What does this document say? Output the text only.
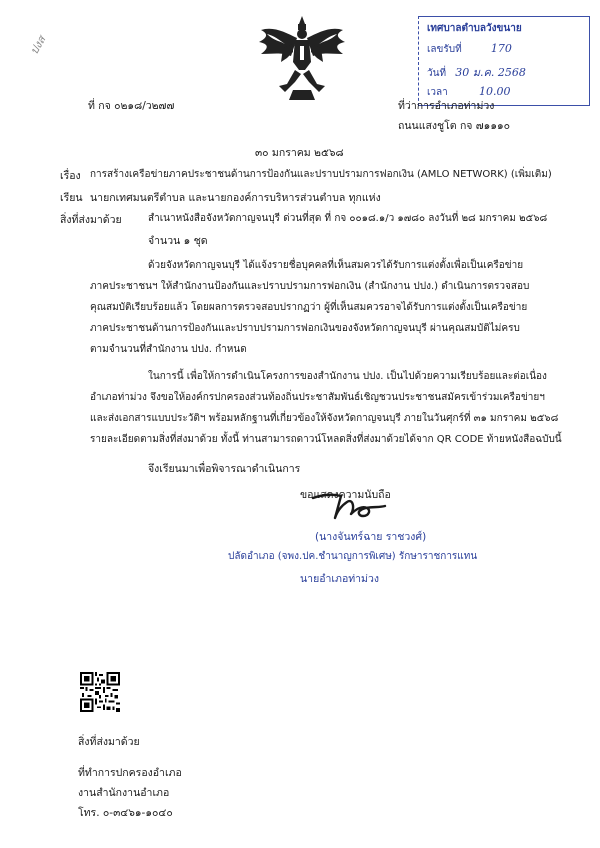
ปงส
เทศบาลตำบลวังขนาย
เลขรับที่	170
วันที่ 30 ม.ค. 2568
เวลา	10.00
ที่ กจ ๐๒๑๘/ว๒๗๗	ที่ว่าการอำเภอท่าม่วง
ถนนแสงชูโต กจ ๗๑๑๑๐
๓๐ มกราคม ๒๕๖๘
เรื่อง การสร้างเครือข่ายภาคประชาชนด้านการป้องกันและปราบปรามการฟอกเงิน (AMLO NETWORK) (เพิ่มเติม)
เรียน นายกเทศมนตรีตำบล และนายกองค์การบริหารส่วนตำบล ทุกแห่ง
สิ่งที่ส่งมาด้วย	สำเนาหนังสือจังหวัดกาญจนบุรี ด่วนที่สุด ที่ กจ ๐๐๑๘.๑/ว ๑๗๘๐ ลงวันที่ ๒๘ มกราคม ๒๕๖๘
จำนวน ๑ ชุด
ด้วยจังหวัดกาญจนบุรี ได้แจ้งรายชื่อบุคคลที่เห็นสมควรได้รับการแต่งตั้งเพื่อเป็นเครือข่าย
ภาคประชาชนฯ ให้สำนักงานป้องกันและปราบปรามการฟอกเงิน (สำนักงาน ปปง.) ดำเนินการตรวจสอบ
คุณสมบัติเรียบร้อยแล้ว โดยผลการตรวจสอบปรากฏว่า ผู้ที่เห็นสมควรอาจได้รับการแต่งตั้งเป็นเครือข่าย
ภาคประชาชนด้านการป้องกันและปราบปรามการฟอกเงินของจังหวัดกาญจนบุรี ผ่านคุณสมบัติไม่ครบ
ตามจำนวนที่สำนักงาน ปปง. กำหนด
ในการนี้ เพื่อให้การดำเนินโครงการของสำนักงาน ปปง. เป็นไปด้วยความเรียบร้อยและต่อเนื่อง
อำเภอท่าม่วง จึงขอให้องค์กรปกครองส่วนท้องถิ่นประชาสัมพันธ์เชิญชวนประชาชนสมัครเข้าร่วมเครือข่ายฯ
และส่งเอกสารแบบประวัติฯ พร้อมหลักฐานที่เกี่ยวข้องให้จังหวัดกาญจนบุรี ภายในวันศุกร์ที่ ๓๑ มกราคม ๒๕๖๘
รายละเอียดตามสิ่งที่ส่งมาด้วย ทั้งนี้ ท่านสามารถดาวน์โหลดสิ่งที่ส่งมาด้วยได้จาก QR CODE ท้ายหนังสือฉบับนี้
จึงเรียนมาเพื่อพิจารณาดำเนินการ
ขอแสดงความนับถือ
(นางจันทร์ฉาย ราชวงศ์)
ปลัดอำเภอ (จพง.ปค.ชำนาญการพิเศษ) รักษาราชการแทน
นายอำเภอท่าม่วง
สิ่งที่ส่งมาด้วย
ที่ทำการปกครองอำเภอ
งานสำนักงานอำเภอ
โทร. ๐-๓๔๖๑-๑๐๔๐
